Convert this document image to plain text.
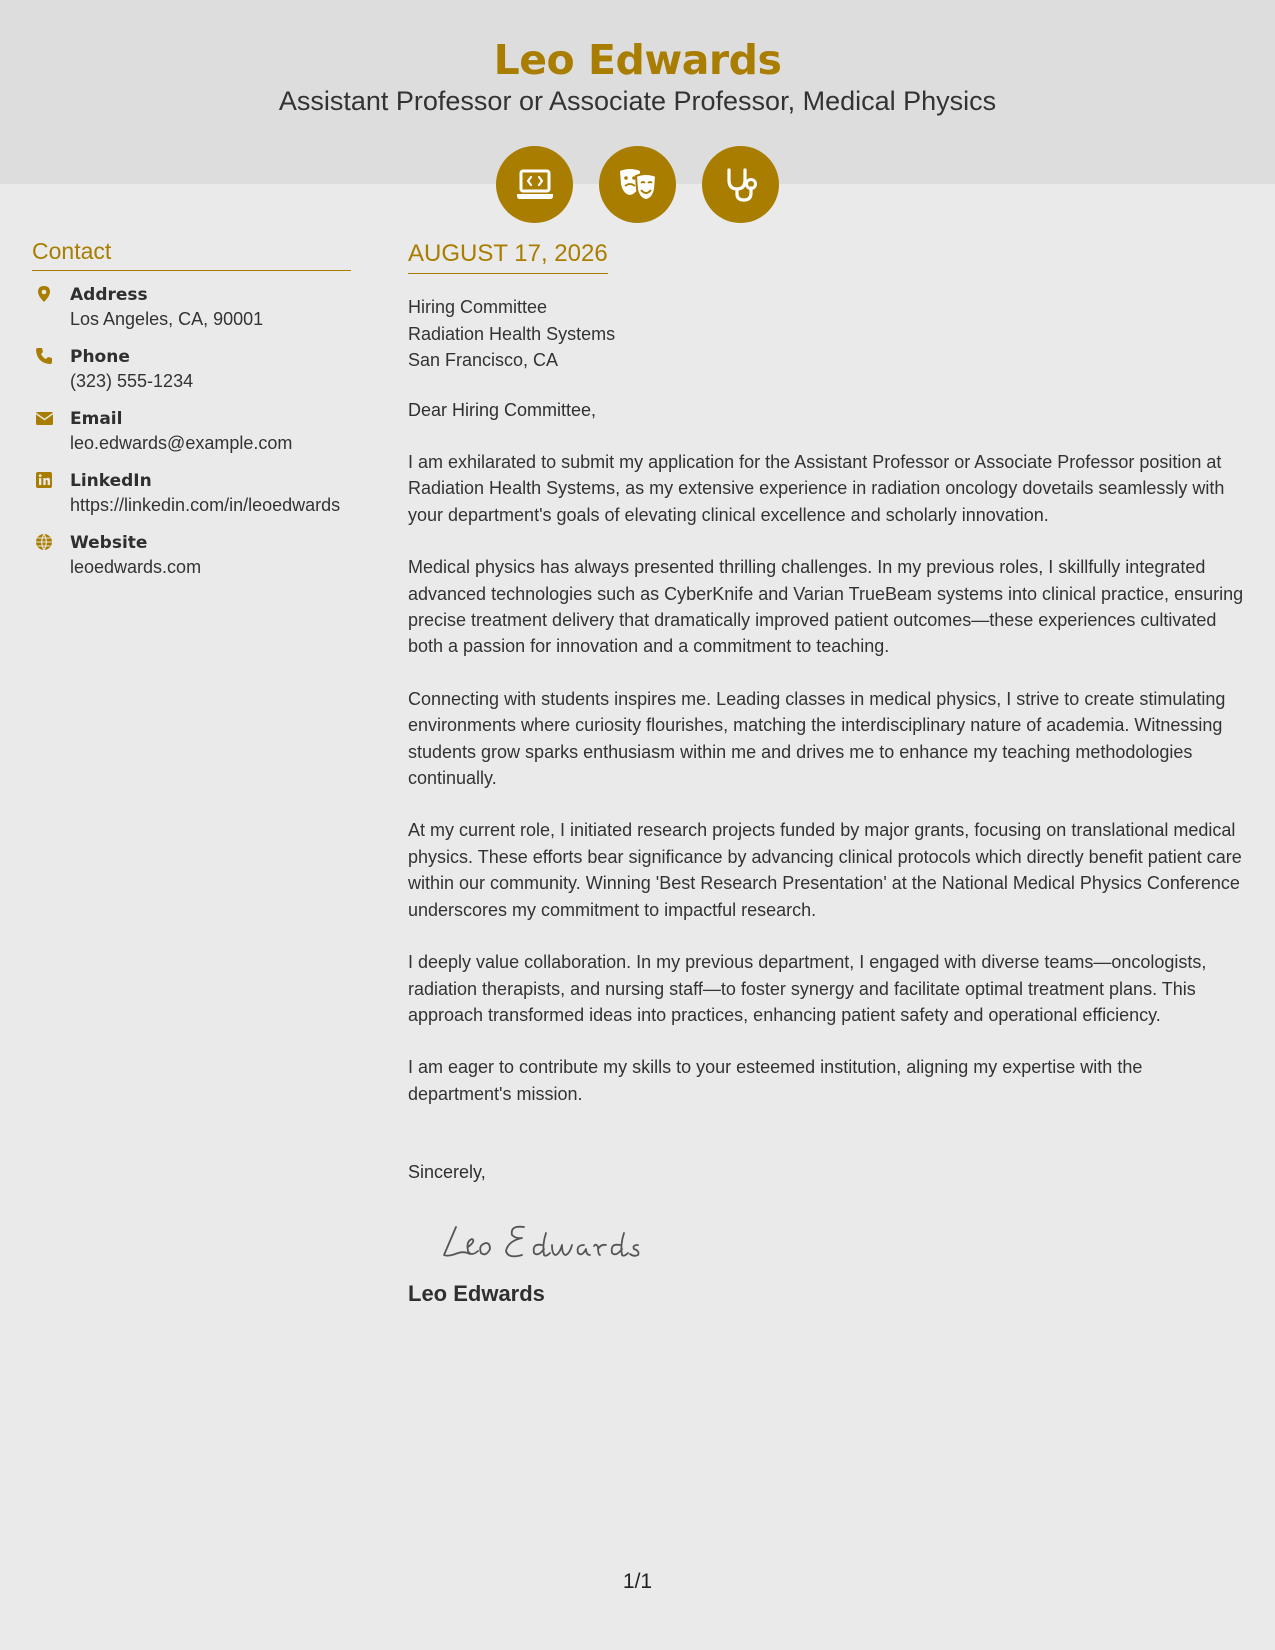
Leo Edwards
Assistant Professor or Associate Professor, Medical Physics
Contact
Address
Los Angeles, CA, 90001
Phone
(323) 555-1234
Email
leo.edwards@example.com
LinkedIn
https://linkedin.com/in/leoedwards
Website
leoedwards.com
AUGUST 17, 2026
Hiring Committee
Radiation Health Systems
San Francisco, CA
Dear Hiring Committee,
I am exhilarated to submit my application for the Assistant Professor or Associate Professor position at Radiation Health Systems, as my extensive experience in radiation oncology dovetails seamlessly with your department's goals of elevating clinical excellence and scholarly innovation.
Medical physics has always presented thrilling challenges. In my previous roles, I skillfully integrated advanced technologies such as CyberKnife and Varian TrueBeam systems into clinical practice, ensuring precise treatment delivery that dramatically improved patient outcomes—these experiences cultivated both a passion for innovation and a commitment to teaching.
Connecting with students inspires me. Leading classes in medical physics, I strive to create stimulating environments where curiosity flourishes, matching the interdisciplinary nature of academia. Witnessing students grow sparks enthusiasm within me and drives me to enhance my teaching methodologies continually.
At my current role, I initiated research projects funded by major grants, focusing on translational medical physics. These efforts bear significance by advancing clinical protocols which directly benefit patient care within our community. Winning 'Best Research Presentation' at the National Medical Physics Conference underscores my commitment to impactful research.
I deeply value collaboration. In my previous department, I engaged with diverse teams—oncologists, radiation therapists, and nursing staff—to foster synergy and facilitate optimal treatment plans. This approach transformed ideas into practices, enhancing patient safety and operational efficiency.
I am eager to contribute my skills to your esteemed institution, aligning my expertise with the department's mission.
Sincerely,
Leo Edwards
1/1
